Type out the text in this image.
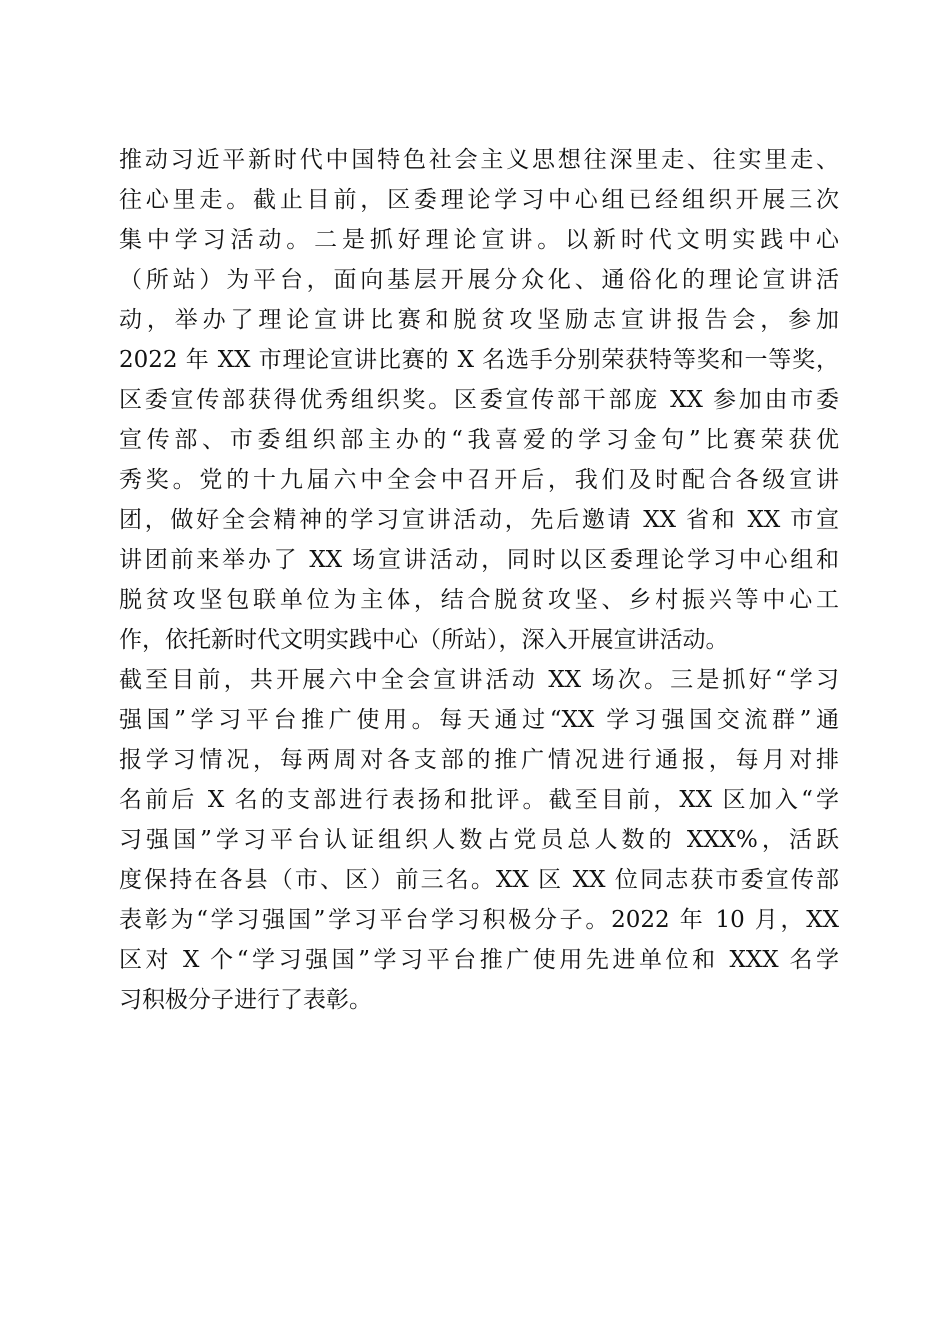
推动习近平新时代中国特色社会主义思想往深里走、往实里走、
往心里走。截止目前，区委理论学习中心组已经组织开展三次
集中学习活动。二是抓好理论宣讲。以新时代文明实践中心
（所站）为平台，面向基层开展分众化、通俗化的理论宣讲活
动，举办了理论宣讲比赛和脱贫攻坚励志宣讲报告会，参加
2022 年 XX 市理论宣讲比赛的 X 名选手分别荣获特等奖和一等奖，
区委宣传部获得优秀组织奖。区委宣传部干部庞 XX 参加由市委
宣传部、市委组织部主办的“我喜爱的学习金句”比赛荣获优
秀奖。党的十九届六中全会中召开后，我们及时配合各级宣讲
团，做好全会精神的学习宣讲活动，先后邀请 XX 省和 XX 市宣
讲团前来举办了 XX 场宣讲活动，同时以区委理论学习中心组和
脱贫攻坚包联单位为主体，结合脱贫攻坚、乡村振兴等中心工
作，依托新时代文明实践中心（所站），深入开展宣讲活动。
截至目前，共开展六中全会宣讲活动 XX 场次。三是抓好“学习
强国”学习平台推广使用。每天通过“XX 学习强国交流群”通
报学习情况，每两周对各支部的推广情况进行通报，每月对排
名前后 X 名的支部进行表扬和批评。截至目前，XX 区加入“学
习强国”学习平台认证组织人数占党员总人数的 XXX%，活跃
度保持在各县（市、区）前三名。XX 区 XX 位同志获市委宣传部
表彰为“学习强国”学习平台学习积极分子。2022 年 10 月，XX
区对 X 个“学习强国”学习平台推广使用先进单位和 XXX 名学
习积极分子进行了表彰。
